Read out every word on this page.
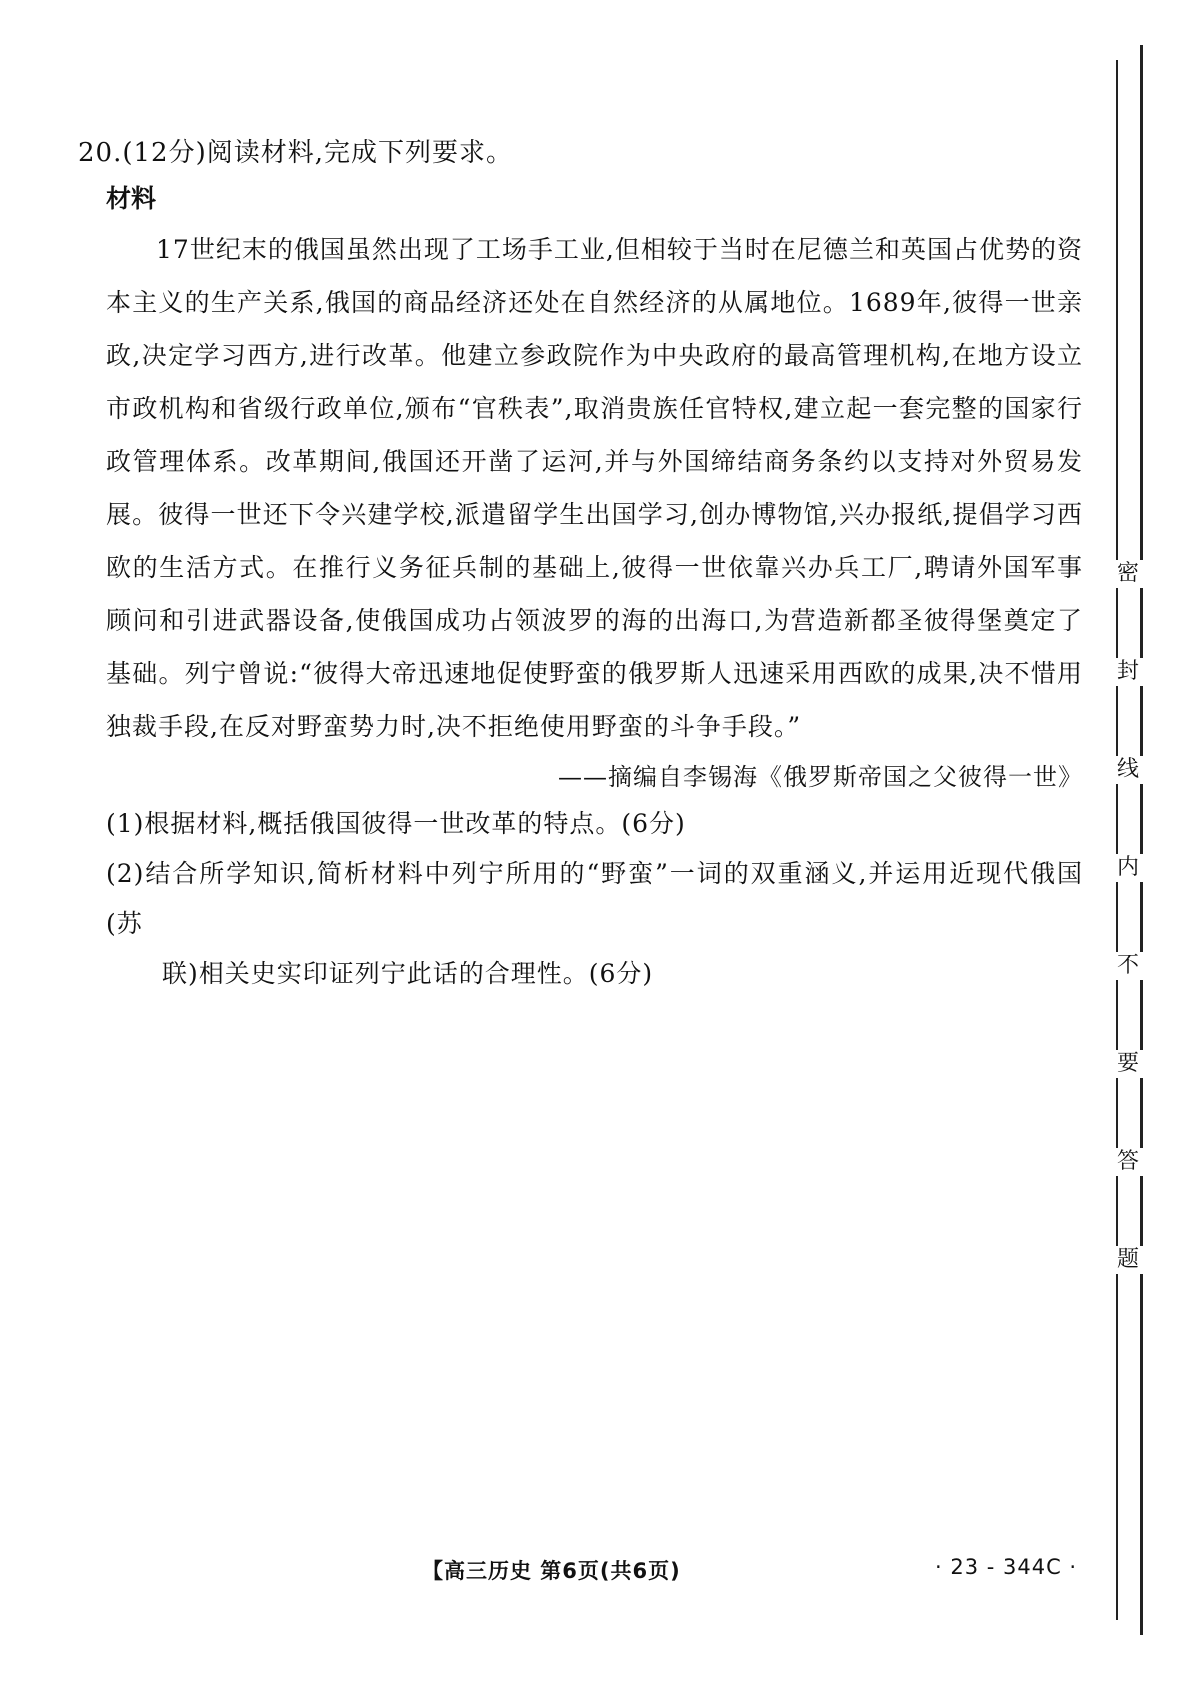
20.(12分)阅读材料,完成下列要求。

材料

17世纪末的俄国虽然出现了工场手工业,但相较于当时在尼德兰和英国占优势的资本主义的生产关系,俄国的商品经济还处在自然经济的从属地位。1689年,彼得一世亲政,决定学习西方,进行改革。他建立参政院作为中央政府的最高管理机构,在地方设立市政机构和省级行政单位,颁布“官秩表”,取消贵族任官特权,建立起一套完整的国家行政管理体系。改革期间,俄国还开凿了运河,并与外国缔结商务条约以支持对外贸易发展。彼得一世还下令兴建学校,派遣留学生出国学习,创办博物馆,兴办报纸,提倡学习西欧的生活方式。在推行义务征兵制的基础上,彼得一世依靠兴办兵工厂,聘请外国军事顾问和引进武器设备,使俄国成功占领波罗的海的出海口,为营造新都圣彼得堡奠定了基础。列宁曾说:“彼得大帝迅速地促使野蛮的俄罗斯人迅速采用西欧的成果,决不惜用独裁手段,在反对野蛮势力时,决不拒绝使用野蛮的斗争手段。”

——摘编自李锡海《俄罗斯帝国之父彼得一世》

(1)根据材料,概括俄国彼得一世改革的特点。(6分)

(2)结合所学知识,简析材料中列宁所用的“野蛮”一词的双重涵义,并运用近现代俄国(苏
联)相关史实印证列宁此话的合理性。(6分)

密
封
线
内
不
要
答
题
【高三历史 第6页(共6页)	· 23 - 344C ·
